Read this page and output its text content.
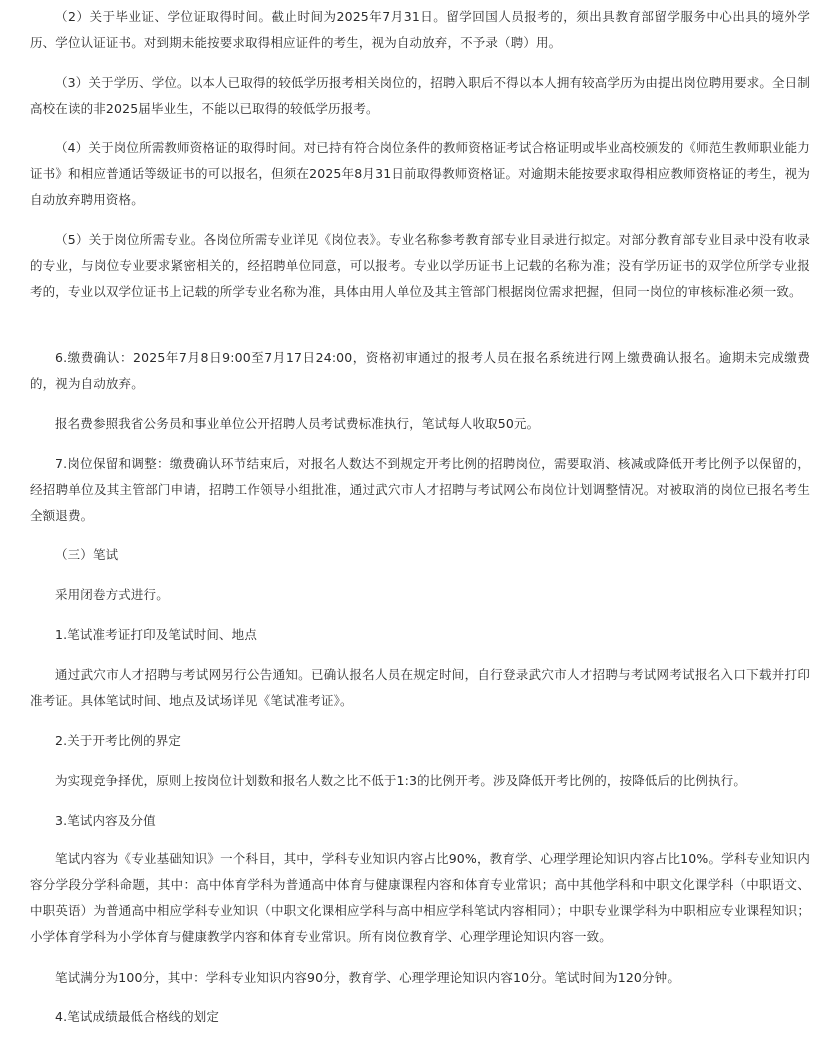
（2）关于毕业证、学位证取得时间。截止时间为2025年7月31日。留学回国人员报考的，须出具教育部留学服务中心出具的境外学历、学位认证证书。对到期未能按要求取得相应证件的考生，视为自动放弃，不予录（聘）用。

（3）关于学历、学位。以本人已取得的较低学历报考相关岗位的，招聘入职后不得以本人拥有较高学历为由提出岗位聘用要求。全日制高校在读的非2025届毕业生，不能以已取得的较低学历报考。

（4）关于岗位所需教师资格证的取得时间。对已持有符合岗位条件的教师资格证考试合格证明或毕业高校颁发的《师范生教师职业能力证书》和相应普通话等级证书的可以报名，但须在2025年8月31日前取得教师资格证。对逾期未能按要求取得相应教师资格证的考生，视为自动放弃聘用资格。

（5）关于岗位所需专业。各岗位所需专业详见《岗位表》。专业名称参考教育部专业目录进行拟定。对部分教育部专业目录中没有收录的专业，与岗位专业要求紧密相关的，经招聘单位同意，可以报考。专业以学历证书上记载的名称为准；没有学历证书的双学位所学专业报考的，专业以双学位证书上记载的所学专业名称为准，具体由用人单位及其主管部门根据岗位需求把握，但同一岗位的审核标准必须一致。

6.缴费确认：2025年7月8日9:00至7月17日24:00，资格初审通过的报考人员在报名系统进行网上缴费确认报名。逾期未完成缴费的，视为自动放弃。

报名费参照我省公务员和事业单位公开招聘人员考试费标准执行，笔试每人收取50元。

7.岗位保留和调整：缴费确认环节结束后，对报名人数达不到规定开考比例的招聘岗位，需要取消、核减或降低开考比例予以保留的，经招聘单位及其主管部门申请，招聘工作领导小组批准，通过武穴市人才招聘与考试网公布岗位计划调整情况。对被取消的岗位已报名考生全额退费。

（三）笔试

采用闭卷方式进行。

1.笔试准考证打印及笔试时间、地点

通过武穴市人才招聘与考试网另行公告通知。已确认报名人员在规定时间，自行登录武穴市人才招聘与考试网考试报名入口下载并打印准考证。具体笔试时间、地点及试场详见《笔试准考证》。

2.关于开考比例的界定

为实现竞争择优，原则上按岗位计划数和报名人数之比不低于1:3的比例开考。涉及降低开考比例的，按降低后的比例执行。

3.笔试内容及分值

笔试内容为《专业基础知识》一个科目，其中，学科专业知识内容占比90%，教育学、心理学理论知识内容占比10%。学科专业知识内容分学段分学科命题，其中：高中体育学科为普通高中体育与健康课程内容和体育专业常识；高中其他学科和中职文化课学科（中职语文、中职英语）为普通高中相应学科专业知识（中职文化课相应学科与高中相应学科笔试内容相同）；中职专业课学科为中职相应专业课程知识；小学体育学科为小学体育与健康教学内容和体育专业常识。所有岗位教育学、心理学理论知识内容一致。

笔试满分为100分，其中：学科专业知识内容90分，教育学、心理学理论知识内容10分。笔试时间为120分钟。

4.笔试成绩最低合格线的划定
